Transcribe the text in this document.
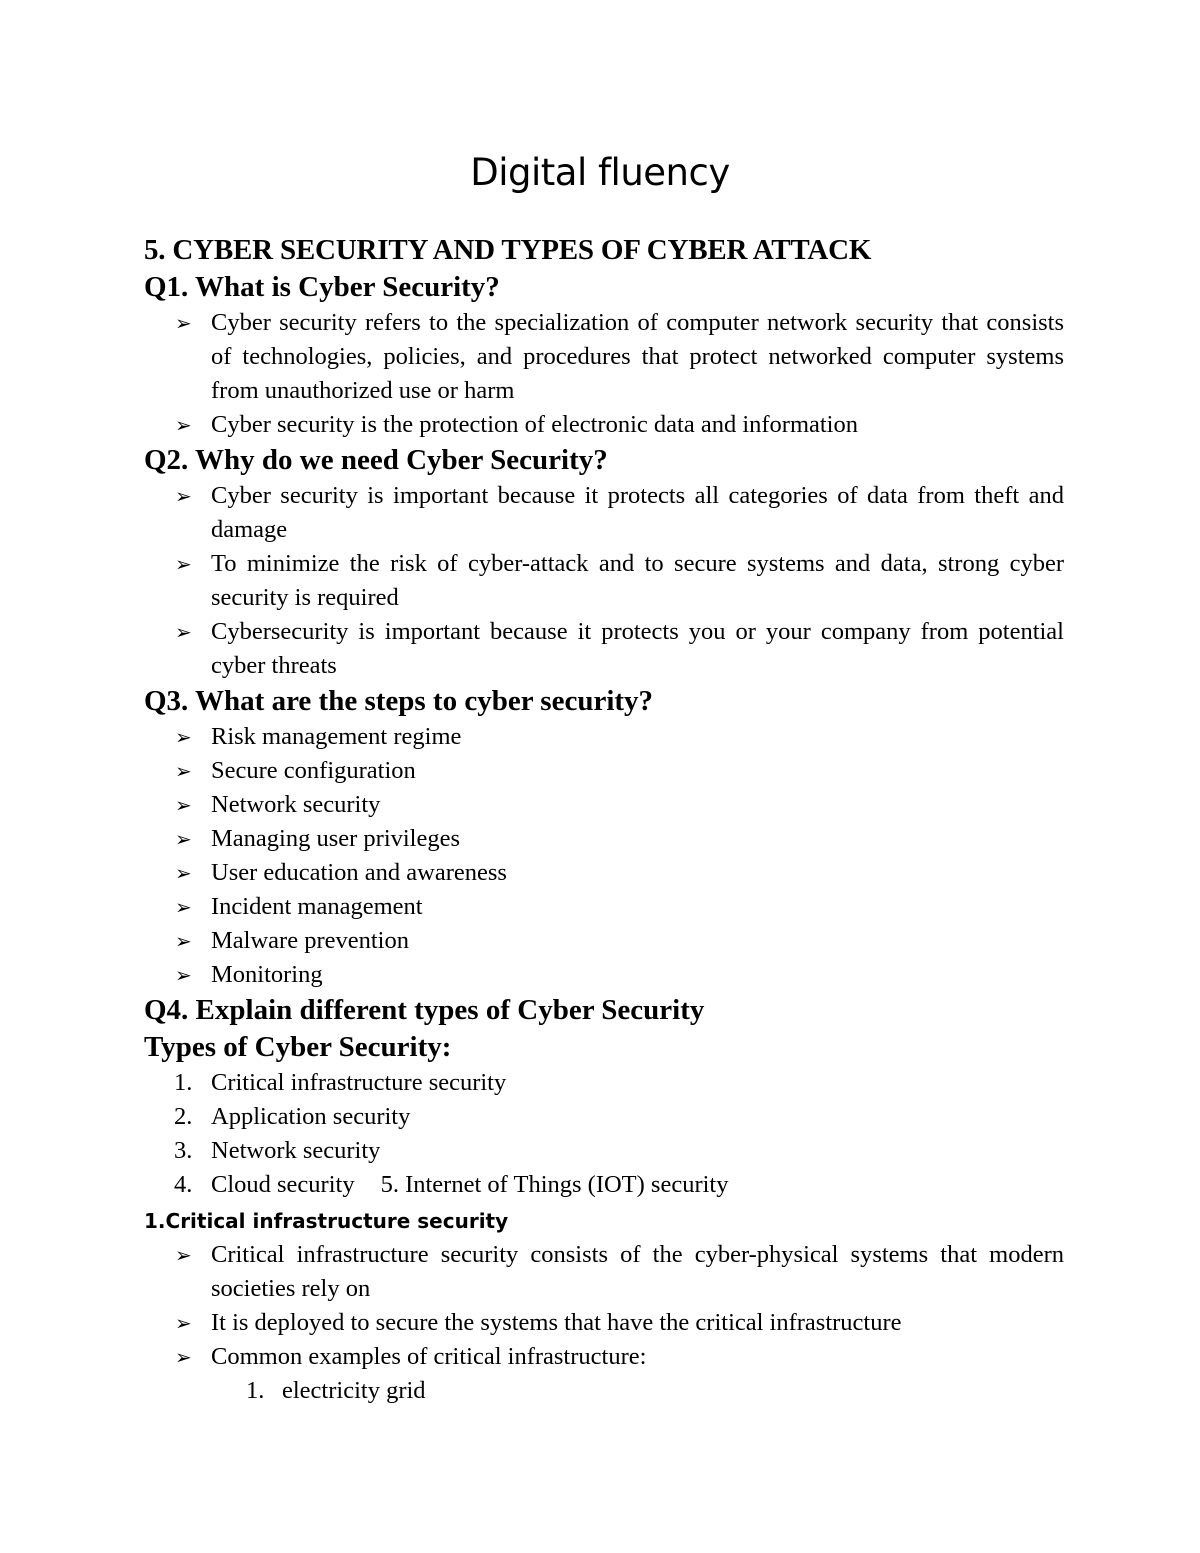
Digital fluency
5. CYBER SECURITY AND TYPES OF CYBER ATTACK
Q1. What is Cyber Security?
➢ Cyber security refers to the specialization of computer network security that consists of technologies, policies, and procedures that protect networked computer systems from unauthorized use or harm
➢ Cyber security is the protection of electronic data and information
Q2. Why do we need Cyber Security?
➢ Cyber security is important because it protects all categories of data from theft and damage
➢ To minimize the risk of cyber-attack and to secure systems and data, strong cyber security is required
➢ Cybersecurity is important because it protects you or your company from potential cyber threats
Q3. What are the steps to cyber security?
➢ Risk management regime
➢ Secure configuration
➢ Network security
➢ Managing user privileges
➢ User education and awareness
➢ Incident management
➢ Malware prevention
➢ Monitoring
Q4. Explain different types of Cyber Security
Types of Cyber Security:
1. Critical infrastructure security
2. Application security
3. Network security
4. Cloud security 5. Internet of Things (IOT) security
1.Critical infrastructure security
➢ Critical infrastructure security consists of the cyber-physical systems that modern societies rely on
➢ It is deployed to secure the systems that have the critical infrastructure
➢ Common examples of critical infrastructure:
1. electricity grid
